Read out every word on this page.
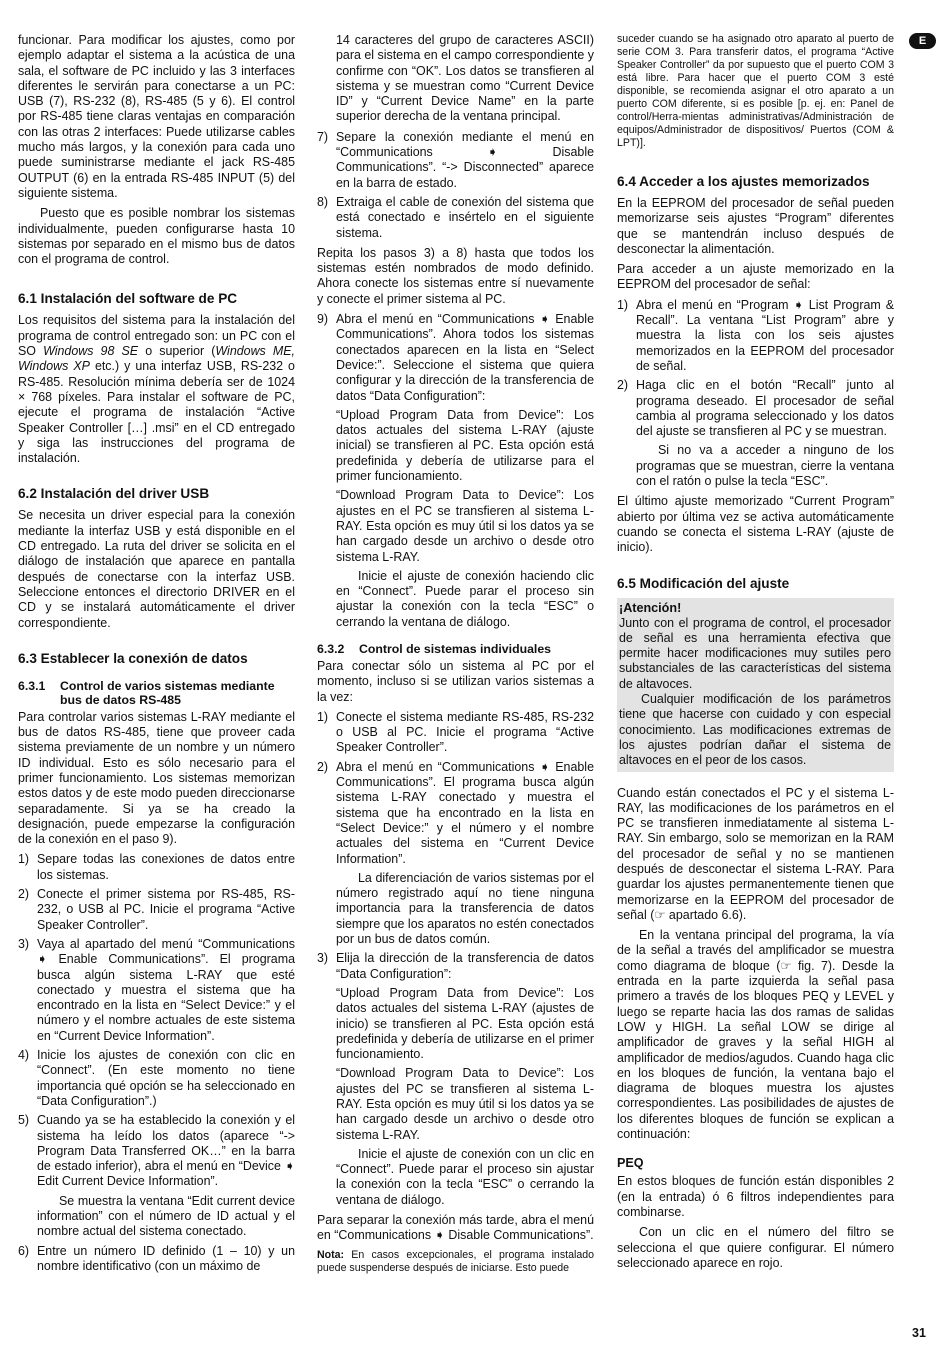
E

funcionar. Para modificar los ajustes, como por ejemplo adaptar el sistema a la acústica de una sala, el software de PC incluido y las 3 interfaces diferentes le servirán para conectarse a un PC: USB (7), RS-232 (8), RS-485 (5 y 6). El control por RS-485 tiene claras ventajas en comparación con las otras 2 interfaces: Puede utilizarse cables mucho más largos, y la conexión para cada uno puede suministrarse mediante el jack RS-485 OUTPUT (6) en la entrada RS-485 INPUT (5) del siguiente sistema.

Puesto que es posible nombrar los sistemas individualmente, pueden configurarse hasta 10 sistemas por separado en el mismo bus de datos con el programa de control.

6.1 Instalación del software de PC

Los requisitos del sistema para la instalación del programa de control entregado son: un PC con el SO Windows 98 SE o superior (Windows ME, Windows XP etc.) y una interfaz USB, RS-232 o RS-485. Resolución mínima debería ser de 1024 × 768 píxeles. Para instalar el software de PC, ejecute el programa de instalación “Active Speaker Controller […] .msi” en el CD entregado y siga las instrucciones del programa de instalación.

6.2 Instalación del driver USB

Se necesita un driver especial para la conexión mediante la interfaz USB y está disponible en el CD entregado. La ruta del driver se solicita en el diálogo de instalación que aparece en pantalla después de conectarse con la interfaz USB. Seleccione entonces el directorio DRIVER en el CD y se instalará automáticamente el driver correspondiente.

6.3 Establecer la conexión de datos
6.3.1	Control de varios sistemas mediante bus de datos RS-485

Para controlar varios sistemas L-RAY mediante el bus de datos RS-485, tiene que proveer cada sistema previamente de un nombre y un número ID individual. Esto es sólo necesario para el primer funcionamiento. Los sistemas memorizan estos datos y de este modo pueden direccionarse separadamente. Si ya se ha creado la designación, puede empezarse la configuración de la conexión en el paso 9).

1) Separe todas las conexiones de datos entre los sistemas.
2) Conecte el primer sistema por RS-485, RS-232, o USB al PC. Inicie el programa “Active Speaker Controller”.
3) Vaya al apartado del menú “Communications ➧ Enable Communications”. El programa busca algún sistema L-RAY que esté conectado y muestra el sistema que ha encontrado en la lista en “Select Device:” y el número y el nombre actuales de este sistema en “Current Device Information”.
4) Inicie los ajustes de conexión con clic en “Connect”. (En este momento no tiene importancia qué opción se ha seleccionado en “Data Configuration”.)
5) Cuando ya se ha establecido la conexión y el sistema ha leído los datos (aparece “-> Program Data Transferred OK…” en la barra de estado inferior), abra el menú en “Device ➧ Edit Current Device Information”.

Se muestra la ventana “Edit current device information” con el número de ID actual y el nombre actual del sistema conectado.

6) Entre un número ID definido (1 – 10) y un nombre identificativo (con un máximo de

14 caracteres del grupo de caracteres ASCII) para el sistema en el campo correspondiente y confirme con “OK”. Los datos se transfieren al sistema y se muestran como “Current Device ID” y “Current Device Name” en la parte superior derecha de la ventana principal.

7) Separe la conexión mediante el menú en “Communications ➧ Disable Communications”. “-> Disconnected” aparece en la barra de estado.
8) Extraiga el cable de conexión del sistema que está conectado e insértelo en el siguiente sistema.

Repita los pasos 3) a 8) hasta que todos los sistemas estén nombrados de modo definido. Ahora conecte los sistemas entre sí nuevamente y conecte el primer sistema al PC.

9) Abra el menú en “Communications ➧ Enable Communications”. Ahora todos los sistemas conectados aparecen en la lista en “Select Device:”. Seleccione el sistema que quiera configurar y la dirección de la transferencia de datos “Data Configuration”:

“Upload Program Data from Device”: Los datos actuales del sistema L-RAY (ajuste inicial) se transfieren al PC. Esta opción está predefinida y debería de utilizarse para el primer funcionamiento.

“Download Program Data to Device”: Los ajustes en el PC se transfieren al sistema L-RAY. Esta opción es muy útil si los datos ya se han cargado desde un archivo o desde otro sistema L-RAY.

Inicie el ajuste de conexión haciendo clic en “Connect”. Puede parar el proceso sin ajustar la conexión con la tecla “ESC” o cerrando la ventana de diálogo.

6.3.2	Control de sistemas individuales

Para conectar sólo un sistema al PC por el momento, incluso si se utilizan varios sistemas a la vez:

1) Conecte el sistema mediante RS-485, RS-232 o USB al PC. Inicie el programa “Active Speaker Controller”.
2) Abra el menú en “Communications ➧ Enable Communications”. El programa busca algún sistema L-RAY conectado y muestra el sistema que ha encontrado en la lista en “Select Device:” y el número y el nombre actuales del sistema en “Current Device Information”.

La diferenciación de varios sistemas por el número registrado aquí no tiene ninguna importancia para la transferencia de datos siempre que los aparatos no estén conectados por un bus de datos común.

3) Elija la dirección de la transferencia de datos “Data Configuration”:

“Upload Program Data from Device”: Los datos actuales del sistema L-RAY (ajustes de inicio) se transfieren al PC. Esta opción está predefinida y debería de utilizarse en el primer funcionamiento.

“Download Program Data to Device”: Los ajustes del PC se transfieren al sistema L-RAY. Esta opción es muy útil si los datos ya se han cargado desde un archivo o desde otro sistema L-RAY.

Inicie el ajuste de conexión con un clic en “Connect”. Puede parar el proceso sin ajustar la conexión con la tecla “ESC” o cerrando la ventana de diálogo.

Para separar la conexión más tarde, abra el menú en “Communications ➧ Disable Communications”.

Nota: En casos excepcionales, el programa instalado puede suspenderse después de iniciarse. Esto puede

suceder cuando se ha asignado otro aparato al puerto de serie COM 3. Para transferir datos, el programa “Active Speaker Controller” da por supuesto que el puerto COM 3 está libre. Para hacer que el puerto COM 3 esté disponible, se recomienda asignar el otro aparato a un puerto COM diferente, si es posible [p. ej. en: Panel de control/Herra-mientas administrativas/Administración de equipos/Administrador de dispositivos/ Puertos (COM & LPT)].

6.4 Acceder a los ajustes memorizados

En la EEPROM del procesador de señal pueden memorizarse seis ajustes “Program” diferentes que se mantendrán incluso después de desconectar la alimentación.

Para acceder a un ajuste memorizado en la EEPROM del procesador de señal:

1) Abra el menú en “Program ➧ List Program & Recall”. La ventana “List Program” abre y muestra la lista con los seis ajustes memorizados en la EEPROM del procesador de señal.
2) Haga clic en el botón “Recall” junto al programa deseado. El procesador de señal cambia al programa seleccionado y los datos del ajuste se transfieren al PC y se muestran.

Si no va a acceder a ninguno de los programas que se muestran, cierre la ventana con el ratón o pulse la tecla “ESC”.

El último ajuste memorizado “Current Program” abierto por última vez se activa automáticamente cuando se conecta el sistema L-RAY (ajuste de inicio).

6.5 Modificación del ajuste
¡Atención!

Junto con el programa de control, el procesador de señal es una herramienta efectiva que permite hacer modificaciones muy sutiles pero substanciales de las características del sistema de altavoces.

Cualquier modificación de los parámetros tiene que hacerse con cuidado y con especial conocimiento. Las modificaciones extremas de los ajustes podrían dañar el sistema de altavoces en el peor de los casos.

Cuando están conectados el PC y el sistema L-RAY, las modificaciones de los parámetros en el PC se transfieren inmediatamente al sistema L-RAY. Sin embargo, solo se memorizan en la RAM del procesador de señal y no se mantienen después de desconectar el sistema L-RAY. Para guardar los ajustes permanentemente tienen que memorizarse en la EEPROM del procesador de señal (☞ apartado 6.6).

En la ventana principal del programa, la vía de la señal a través del amplificador se muestra como diagrama de bloque (☞ fig. 7). Desde la entrada en la parte izquierda la señal pasa primero a través de los bloques PEQ y LEVEL y luego se reparte hacia las dos ramas de salidas LOW y HIGH. La señal LOW se dirige al amplificador de graves y la señal HIGH al amplificador de medios/agudos. Cuando haga clic en los bloques de función, la ventana bajo el diagrama de bloques muestra los ajustes correspondientes. Las posibilidades de ajustes de los diferentes bloques de función se explican a continuación:

PEQ

En estos bloques de función están disponibles 2 (en la entrada) ó 6 filtros independientes para combinarse.

Con un clic en el número del filtro se selecciona el que quiere configurar. El número seleccionado aparece en rojo.

31
